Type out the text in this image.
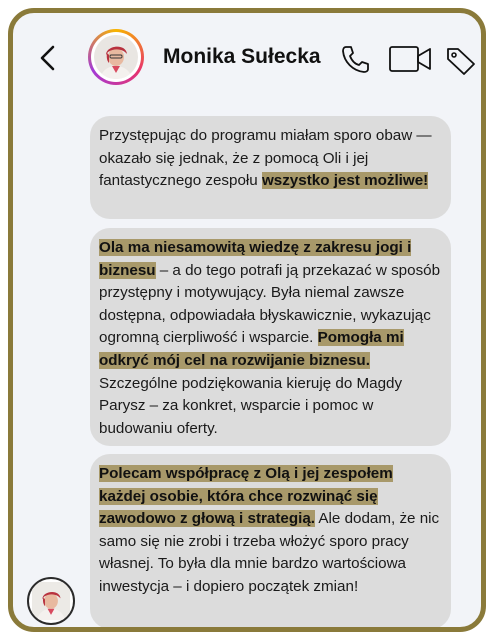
Monika Sułecka
Przystępując do programu miałam sporo obaw — okazało się jednak, że z pomocą Oli i jej fantastycznego zespołu wszystko jest możliwe!
Ola ma niesamowitą wiedzę z zakresu jogi i biznesu – a do tego potrafi ją przekazać w sposób przystępny i motywujący. Była niemal zawsze dostępna, odpowiadała błyskawicznie, wykazując ogromną cierpliwość i wsparcie. Pomogła mi odkryć mój cel na rozwijanie biznesu. Szczególne podziękowania kieruję do Magdy Parysz – za konkret, wsparcie i pomoc w budowaniu oferty.
Polecam współpracę z Olą i jej zespołem każdej osobie, która chce rozwinąć się zawodowo z głową i strategią. Ale dodam, że nic samo się nie zrobi i trzeba włożyć sporo pracy własnej. To była dla mnie bardzo wartościowa inwestycja – i dopiero początek zmian!
